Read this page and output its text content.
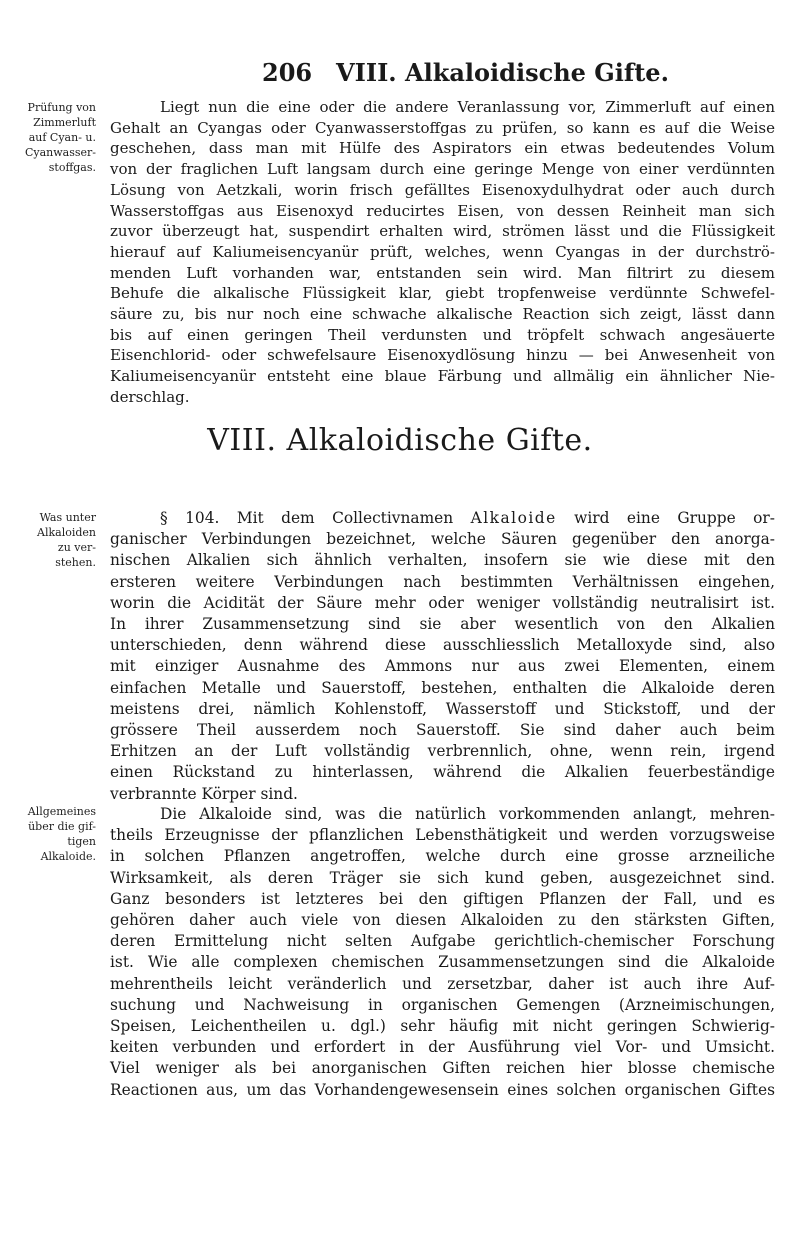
206 VIII. Alkaloidische Gifte.
Prüfung von
Zimmerluft
auf Cyan- u.
Cyanwasser-
stoffgas.
Was unter
Alkaloiden
zu ver-
stehen.
Allgemeines
über die gif-
tigen
Alkaloide.
Liegt nun die eine oder die andere Veranlassung vor, Zimmerluft auf einen
Gehalt an Cyangas oder Cyanwasserstoffgas zu prüfen, so kann es auf die Weise
geschehen, dass man mit Hülfe des Aspirators ein etwas bedeutendes Volum
von der fraglichen Luft langsam durch eine geringe Menge von einer verdünnten
Lösung von Aetzkali, worin frisch gefälltes Eisenoxydulhydrat oder auch durch
Wasserstoffgas aus Eisenoxyd reducirtes Eisen, von dessen Reinheit man sich
zuvor überzeugt hat, suspendirt erhalten wird, strömen lässt und die Flüssigkeit
hierauf auf Kaliumeisencyanür prüft, welches, wenn Cyangas in der durchströ-
menden Luft vorhanden war, entstanden sein wird. Man filtrirt zu diesem
Behufe die alkalische Flüssigkeit klar, giebt tropfenweise verdünnte Schwefel-
säure zu, bis nur noch eine schwache alkalische Reaction sich zeigt, lässt dann
bis auf einen geringen Theil verdunsten und tröpfelt schwach angesäuerte
Eisenchlorid- oder schwefelsaure Eisenoxydlösung hinzu — bei Anwesenheit von
Kaliumeisencyanür entsteht eine blaue Färbung und allmälig ein ähnlicher Nie-
derschlag.
VIII. Alkaloidische Gifte.
§ 104. Mit dem Collectivnamen Alkaloide wird eine Gruppe or-
ganischer Verbindungen bezeichnet, welche Säuren gegenüber den anorga-
nischen Alkalien sich ähnlich verhalten, insofern sie wie diese mit den
ersteren weitere Verbindungen nach bestimmten Verhältnissen eingehen,
worin die Acidität der Säure mehr oder weniger vollständig neutralisirt ist.
In ihrer Zusammensetzung sind sie aber wesentlich von den Alkalien
unterschieden, denn während diese ausschliesslich Metalloxyde sind, also
mit einziger Ausnahme des Ammons nur aus zwei Elementen, einem
einfachen Metalle und Sauerstoff, bestehen, enthalten die Alkaloide deren
meistens drei, nämlich Kohlenstoff, Wasserstoff und Stickstoff, und der
grössere Theil ausserdem noch Sauerstoff. Sie sind daher auch beim
Erhitzen an der Luft vollständig verbrennlich, ohne, wenn rein, irgend
einen Rückstand zu hinterlassen, während die Alkalien feuerbeständige
verbrannte Körper sind.
Die Alkaloide sind, was die natürlich vorkommenden anlangt, mehren-
theils Erzeugnisse der pflanzlichen Lebensthätigkeit und werden vorzugsweise
in solchen Pflanzen angetroffen, welche durch eine grosse arzneiliche
Wirksamkeit, als deren Träger sie sich kund geben, ausgezeichnet sind.
Ganz besonders ist letzteres bei den giftigen Pflanzen der Fall, und es
gehören daher auch viele von diesen Alkaloiden zu den stärksten Giften,
deren Ermittelung nicht selten Aufgabe gerichtlich-chemischer Forschung
ist. Wie alle complexen chemischen Zusammensetzungen sind die Alkaloide
mehrentheils leicht veränderlich und zersetzbar, daher ist auch ihre Auf-
suchung und Nachweisung in organischen Gemengen (Arzneimischungen,
Speisen, Leichentheilen u. dgl.) sehr häufig mit nicht geringen Schwierig-
keiten verbunden und erfordert in der Ausführung viel Vor- und Umsicht.
Viel weniger als bei anorganischen Giften reichen hier blosse chemische
Reactionen aus, um das Vorhandengewesensein eines solchen organischen Giftes
